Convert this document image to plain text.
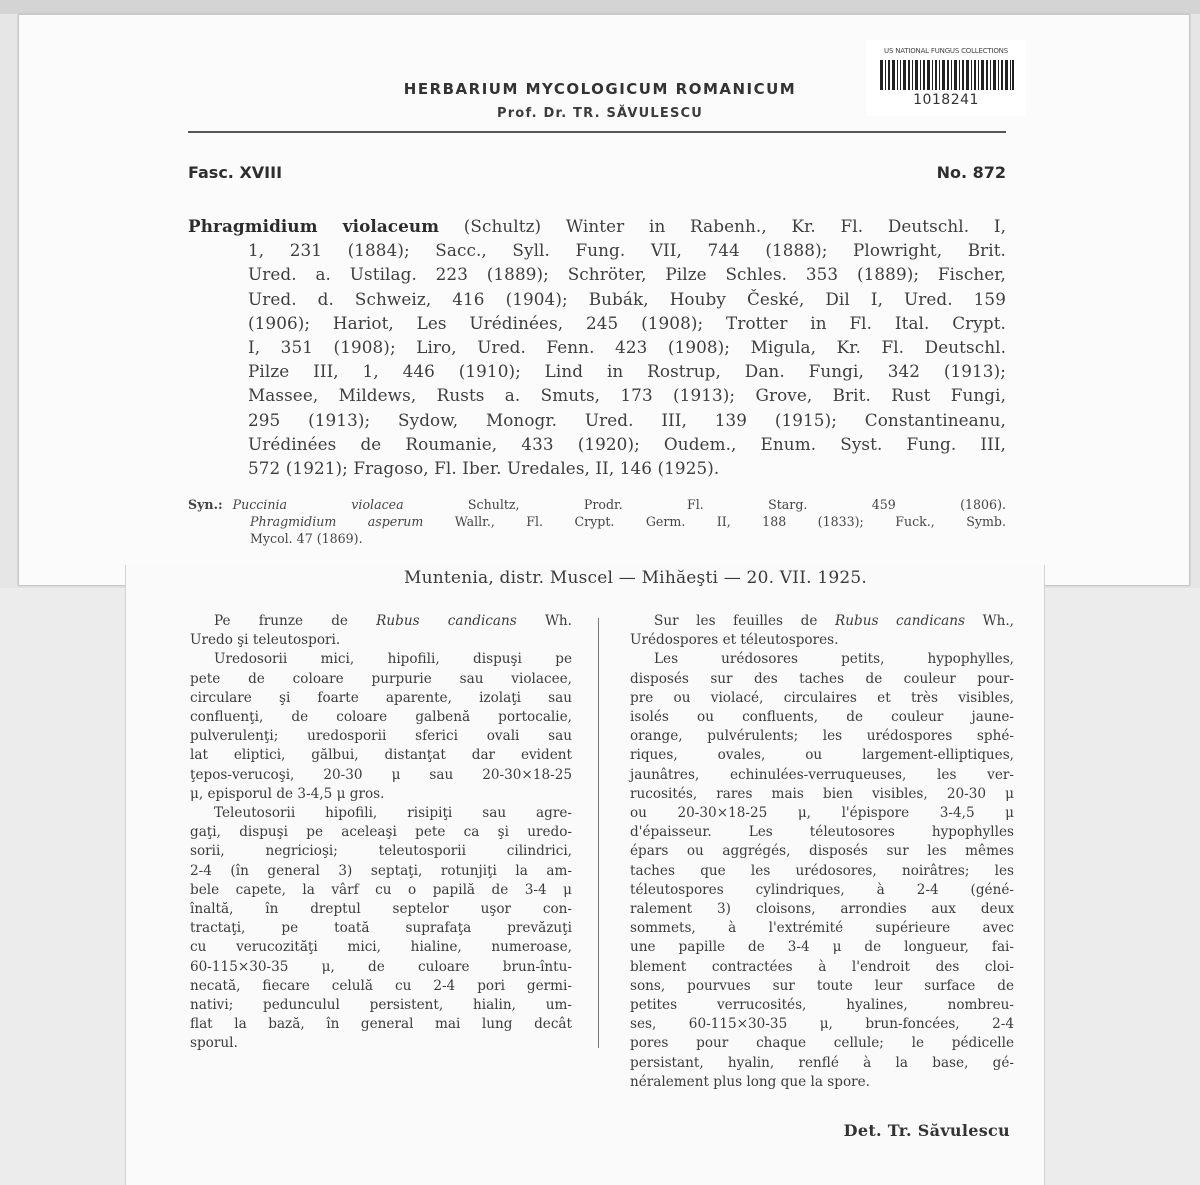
US NATIONAL FUNGUS COLLECTIONS
1018241
HERBARIUM MYCOLOGICUM ROMANICUM
Prof. Dr. TR. SĂVULESCU
Fasc. XVIII	No. 872
Phragmidium violaceum (Schultz) Winter in Rabenh., Kr. Fl. Deutschl. I,
1, 231 (1884); Sacc., Syll. Fung. VII, 744 (1888); Plowright, Brit.
Ured. a. Ustilag. 223 (1889); Schröter, Pilze Schles. 353 (1889); Fischer,
Ured. d. Schweiz, 416 (1904); Bubák, Houby České, Dil I, Ured. 159
(1906); Hariot, Les Urédinées, 245 (1908); Trotter in Fl. Ital. Crypt.
I, 351 (1908); Liro, Ured. Fenn. 423 (1908); Migula, Kr. Fl. Deutschl.
Pilze III, 1, 446 (1910); Lind in Rostrup, Dan. Fungi, 342 (1913);
Massee, Mildews, Rusts a. Smuts, 173 (1913); Grove, Brit. Rust Fungi,
295 (1913); Sydow, Monogr. Ured. III, 139 (1915); Constantineanu,
Urédinées de Roumanie, 433 (1920); Oudem., Enum. Syst. Fung. III,
572 (1921); Fragoso, Fl. Iber. Uredales, II, 146 (1925).
Syn.: Puccinia violacea Schultz, Prodr. Fl. Starg. 459 (1806).
Phragmidium asperum Wallr., Fl. Crypt. Germ. II, 188 (1833); Fuck., Symb.
Mycol. 47 (1869).
Muntenia, distr. Muscel — Mihăeşti — 20. VII. 1925.
Pe frunze de Rubus candicans Wh.
Uredo şi teleutospori.
Uredosorii mici, hipofili, dispuşi pe
pete de coloare purpurie sau violacee,
circulare şi foarte aparente, izolaţi sau
confluenţi, de coloare galbenă portocalie,
pulverulenţi; uredosporii sferici ovali sau
lat eliptici, gălbui, distanţat dar evident
ţepos-verucoşi, 20-30 μ sau 20-30×18-25
μ, episporul de 3-4,5 μ gros.
Teleutosorii hipofili, risipiţi sau agre-
gaţi, dispuşi pe aceleaşi pete ca şi uredo-
sorii, negricioşi; teleutosporii cilindrici,
2-4 (în general 3) septaţi, rotunjiţi la am-
bele capete, la vârf cu o papilă de 3-4 μ
înaltă, în dreptul septelor uşor con-
tractaţi, pe toată suprafaţa prevăzuţi
cu verucozităţi mici, hialine, numeroase,
60-115×30-35 μ, de culoare brun-întu-
necată, fiecare celulă cu 2-4 pori germi-
nativi; pedunculul persistent, hialin, um-
flat la bază, în general mai lung decât
sporul.
Sur les feuilles de Rubus candicans Wh.,
Urédospores et téleutospores.
Les urédosores petits, hypophylles,
disposés sur des taches de couleur pour-
pre ou violacé, circulaires et très visibles,
isolés ou confluents, de couleur jaune-
orange, pulvérulents; les urédospores sphé-
riques, ovales, ou largement-elliptiques,
jaunâtres, echinulées-verruqueuses, les ver-
rucosités, rares mais bien visibles, 20-30 μ
ou 20-30×18-25 μ, l'épispore 3-4,5 μ
d'épaisseur. Les téleutosores hypophylles
épars ou aggrégés, disposés sur les mêmes
taches que les urédosores, noirâtres; les
téleutospores cylindriques, à 2-4 (géné-
ralement 3) cloisons, arrondies aux deux
sommets, à l'extrémité supérieure avec
une papille de 3-4 μ de longueur, fai-
blement contractées à l'endroit des cloi-
sons, pourvues sur toute leur surface de
petites verrucosités, hyalines, nombreu-
ses, 60-115×30-35 μ, brun-foncées, 2-4
pores pour chaque cellule; le pédicelle
persistant, hyalin, renflé à la base, gé-
néralement plus long que la spore.
Det. Tr. Săvulescu
